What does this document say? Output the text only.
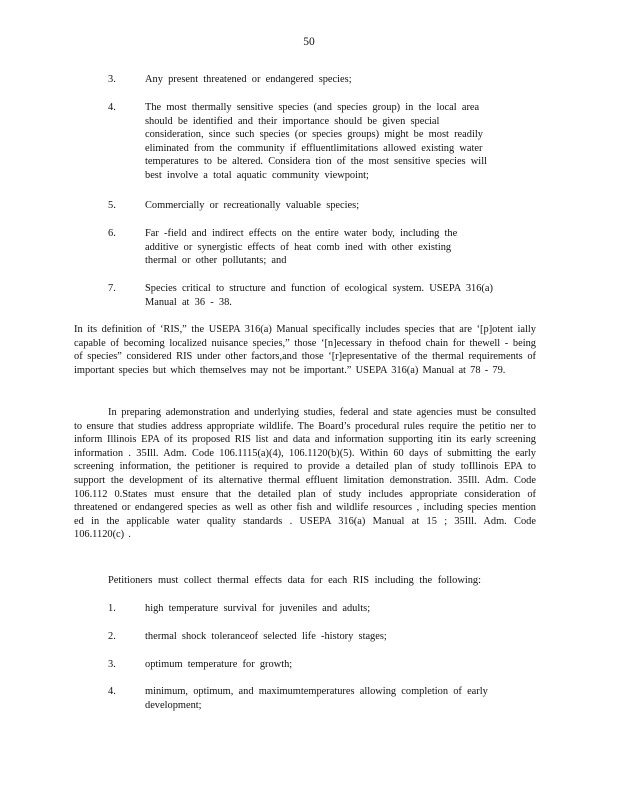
50
3.	Any present threatened or endangered species;
4.	The most thermally sensitive species (and species group) in the local area should be identified and their importance should be given special consideration, since such species (or species groups) might be most readily eliminated from the community if effluentlimitations allowed existing water temperatures to be altered. Considera tion of the most sensitive species will best involve a total aquatic community viewpoint;
5.	Commercially or recreationally valuable species;
6.	Far -field and indirect effects on the entire water body, including the additive or synergistic effects of heat comb ined with other existing thermal or other pollutants; and
7.	Species critical to structure and function of ecological system. USEPA 316(a) Manual at 36 - 38.
In its definition of ‘RIS,” the USEPA 316(a) Manual specifically includes species that are ‘[p]otent ially capable of becoming localized nuisance species,” those ‘[n]ecessary in thefood chain for thewell - being of species” considered RIS under other factors,and those ‘[r]epresentative of the thermal requirements of important species but which themselves may not be important.” USEPA 316(a) Manual at 78 - 79.
In preparing ademonstration and underlying studies, federal and state agencies must be consulted to ensure that studies address appropriate wildlife. The Board’s procedural rules require the petitio ner to inform Illinois EPA of its proposed RIS list and data and information supporting itin its early screening information . 35Ill. Adm. Code 106.1115(a)(4), 106.1120(b)(5). Within 60 days of submitting the early screening information, the petitioner is required to provide a detailed plan of study toIllinois EPA to support the development of its alternative thermal effluent limitation demonstration. 35Ill. Adm. Code 106.112 0.States must ensure that the detailed plan of study includes appropriate consideration of threatened or endangered species as well as other fish and wildlife resources , including species mention ed in the applicable water quality standards . USEPA 316(a) Manual at 15 ; 35Ill. Adm. Code 106.1120(c) .
Petitioners must collect thermal effects data for each RIS including the following:
1.	high temperature survival for juveniles and adults;
2.	thermal shock toleranceof selected life -history stages;
3.	optimum temperature for growth;
4.	minimum, optimum, and maximumtemperatures allowing completion of early development;
